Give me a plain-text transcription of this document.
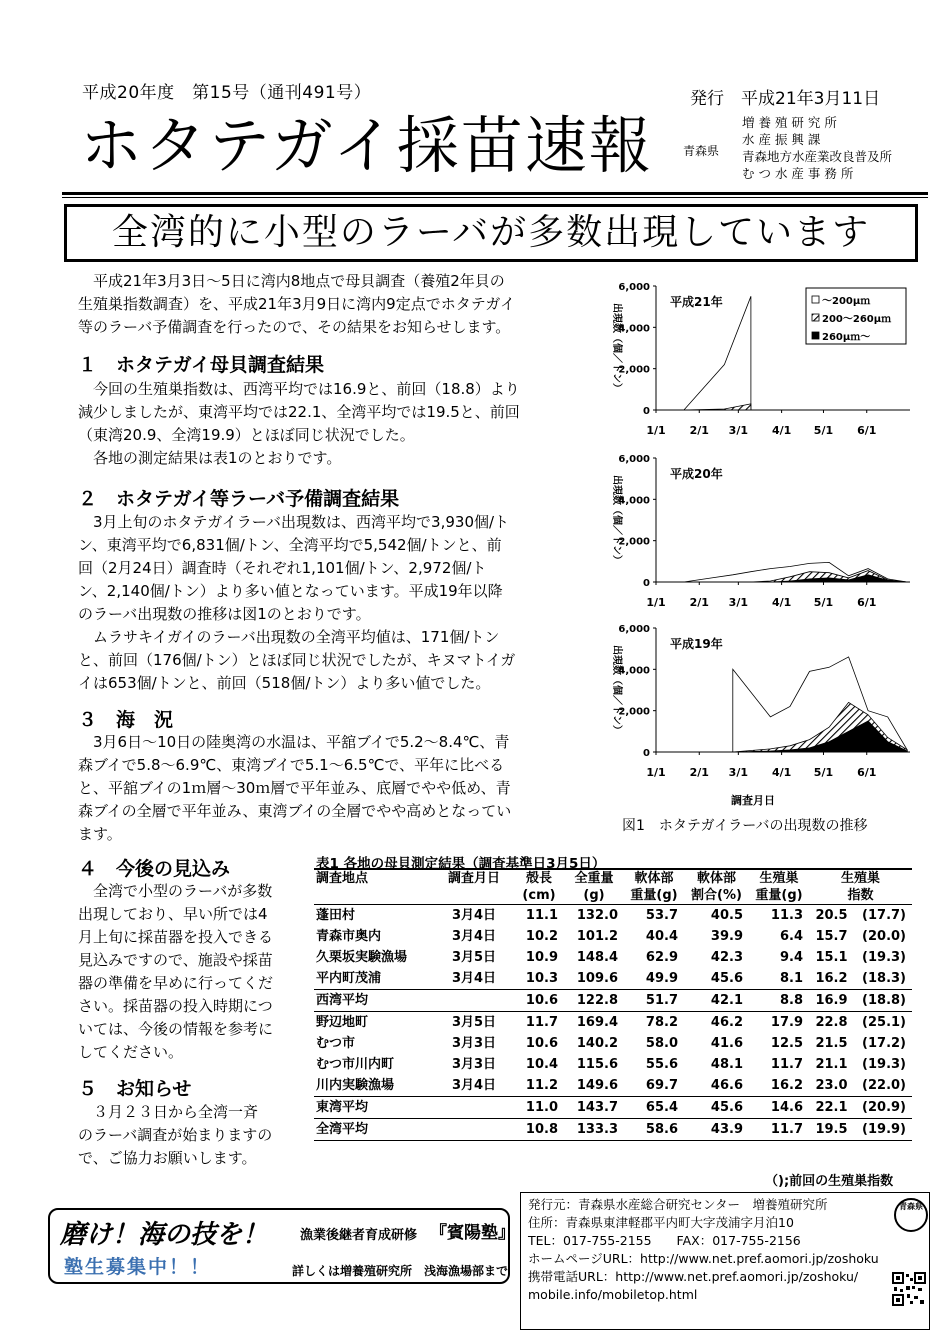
平成20年度　第15号（通刊491号）	発行　平成21年3月11日
ホタテガイ採苗速報	青森県
増 養 殖 研 究 所
水 産 振 興 課
青森地方水産業改良普及所
む つ 水 産 事 務 所
全湾的に小型のラーバが多数出現しています
平成21年3月3日～5日に湾内8地点で母貝調査（養殖2年貝の
生殖巣指数調査）を、平成21年3月9日に湾内9定点でホタテガイ
等のラーバ予備調査を行ったので、その結果をお知らせします。
１　ホタテガイ母貝調査結果
今回の生殖巣指数は、西湾平均では16.9と、前回（18.8）より
減少しましたが、東湾平均では22.1、全湾平均では19.5と、前回
（東湾20.9、全湾19.9）とほぼ同じ状況でした。
各地の測定結果は表1のとおりです。
２　ホタテガイ等ラーバ予備調査結果
3月上旬のホタテガイラーバ出現数は、西湾平均で3,930個/ト
ン、東湾平均で6,831個/トン、全湾平均で5,542個/トンと、前
回（2月24日）調査時（それぞれ1,101個/トン、2,972個/ト
ン、2,140個/トン）より多い値となっています。平成19年以降
のラーバ出現数の推移は図1のとおりです。
ムラサキイガイのラーバ出現数の全湾平均値は、171個/トン
と、前回（176個/トン）とほぼ同じ状況でしたが、キヌマトイガ
イは653個/トンと、前回（518個/トン）より多い値でした。
３　海　況
3月6日～10日の陸奥湾の水温は、平舘ブイで5.2～8.4℃、青
森ブイで5.8～6.9℃、東湾ブイで5.1～6.5℃で、平年に比べる
と、平舘ブイの1ｍ層～30ｍ層で平年並み、底層でやや低め、青
森ブイの全層で平年並み、東湾ブイの全層でやや高めとなってい
ます。
４　今後の見込み
全湾で小型のラーバが多数
出現しており、早い所では4
月上旬に採苗器を投入できる
見込みですので、施設や採苗
器の準備を早めに行ってくだ
さい。採苗器の投入時期につ
いては、今後の情報を参考に
してください。
５　お知らせ
３月２３日から全湾一斉
のラーバ調査が始まりますの
で、ご協力お願いします。
6,000
4,000
2,000
0
1/1 2/1 3/1 4/1 5/1 6/1
出現数（個／トン）
平成21年	～200μｍ
200～260μｍ
260μｍ～
6,000
4,000
2,000
0
1/1 2/1 3/1 4/1 5/1 6/1
出現数（個／トン）
平成20年
6,000
4,000
2,000
0
1/1 2/1 3/1 4/1 5/1 6/1
出現数（個／トン）
平成19年
調査月日
図1　ホタテガイラーバの出現数の推移
表1 各地の母貝測定結果（調査基準日3月5日）
調査地点	調査月日	殻長	全重量	軟体部	軟体部	生殖巣	生殖巣	
		(cm)	(g)	重量(g)	割合(%)	重量(g)	指数	
蓬田村	3月4日	11.1	132.0	53.7	40.5	11.3	20.5	(17.7)
青森市奥内	3月4日	10.2	101.2	40.4	39.9	6.4	15.7	(20.0)
久栗坂実験漁場	3月5日	10.9	148.4	62.9	42.3	9.4	15.1	(19.3)
平内町茂浦	3月4日	10.3	109.6	49.9	45.6	8.1	16.2	(18.3)
西湾平均		10.6	122.8	51.7	42.1	8.8	16.9	(18.8)
野辺地町	3月5日	11.7	169.4	78.2	46.2	17.9	22.8	(25.1)
むつ市	3月3日	10.6	140.2	58.0	41.6	12.5	21.5	(17.2)
むつ市川内町	3月3日	10.4	115.6	55.6	48.1	11.7	21.1	(19.3)
川内実験漁場	3月4日	11.2	149.6	69.7	46.6	16.2	23.0	(22.0)
東湾平均		11.0	143.7	65.4	45.6	14.6	22.1	(20.9)
全湾平均		10.8	133.3	58.6	43.9	11.7	19.5	(19.9)
（);前回の生殖巣指数
磨け！海の技を！ 漁業後継者育成研修 『賓陽塾』
塾生募集中！！	詳しくは増養殖研究所　浅海漁場部まで
発行元：青森県水産総合研究センター　増養殖研究所
住所：青森県東津軽郡平内町大字茂浦字月泊10
TEL：017-755-2155　　FAX：017-755-2156
ホームページURL：http://www.net.pref.aomori.jp/zoshoku
携帯電話URL：http://www.net.pref.aomori.jp/zoshoku/
mobile.info/mobiletop.html
青森県
